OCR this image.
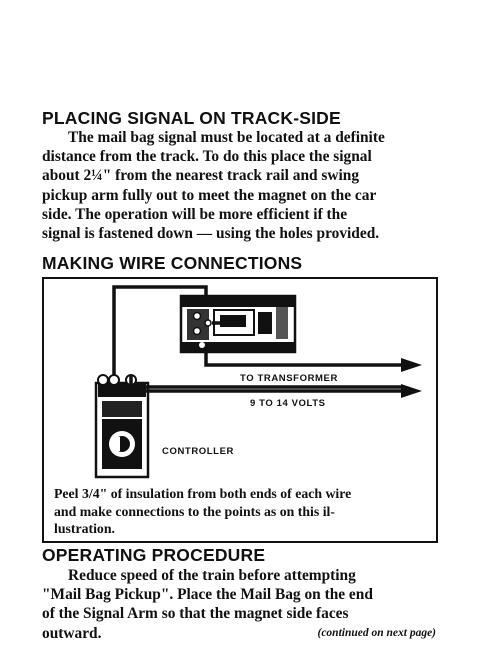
PLACING SIGNAL ON TRACK-SIDE
The mail bag signal must be located at a definite
distance from the track. To do this place the signal
about 2¼" from the nearest track rail and swing
pickup arm fully out to meet the magnet on the car
side. The operation will be more efficient if the
signal is fastened down — using the holes provided.
MAKING WIRE CONNECTIONS
TO TRANSFORMER
9 TO 14 VOLTS
CONTROLLER
Peel 3/4" of insulation from both ends of each wire
and make connections to the points as on this il-
lustration.
OPERATING PROCEDURE
Reduce speed of the train before attempting
"Mail Bag Pickup". Place the Mail Bag on the end
of the Signal Arm so that the magnet side faces
outward.	(continued on next page)
